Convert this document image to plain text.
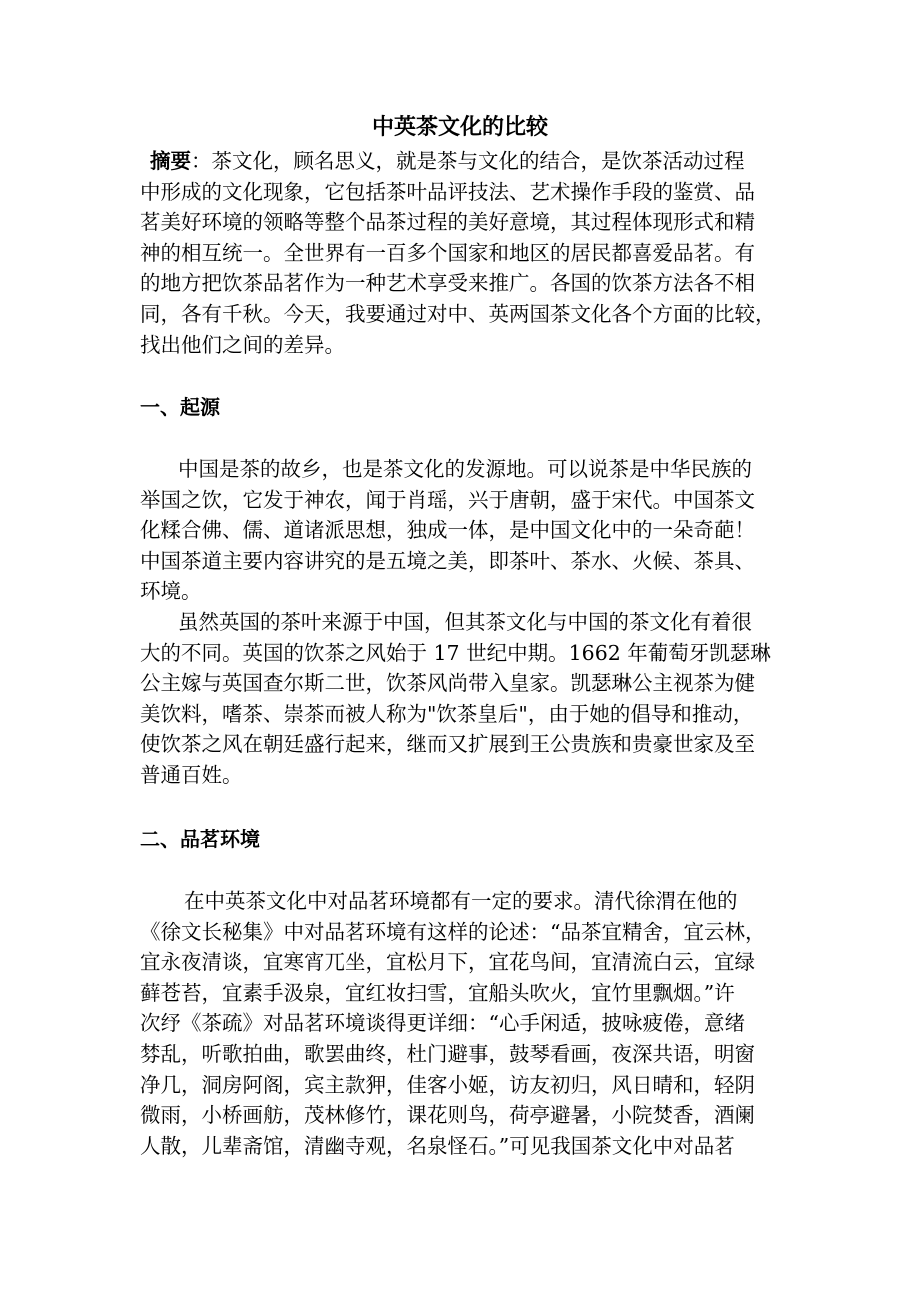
中英茶文化的比较
摘要：茶文化，顾名思义，就是茶与文化的结合，是饮茶活动过程
中形成的文化现象，它包括茶叶品评技法、艺术操作手段的鉴赏、品
茗美好环境的领略等整个品茶过程的美好意境，其过程体现形式和精
神的相互统一。全世界有一百多个国家和地区的居民都喜爱品茗。有
的地方把饮茶品茗作为一种艺术享受来推广。各国的饮茶方法各不相
同，各有千秋。今天，我要通过对中、英两国茶文化各个方面的比较，
找出他们之间的差异。
一、起源
中国是茶的故乡，也是茶文化的发源地。可以说茶是中华民族的
举国之饮，它发于神农，闻于肖瑶，兴于唐朝，盛于宋代。中国茶文
化糅合佛、儒、道诸派思想，独成一体，是中国文化中的一朵奇葩！
中国茶道主要内容讲究的是五境之美，即茶叶、茶水、火候、茶具、
环境。
虽然英国的茶叶来源于中国，但其茶文化与中国的茶文化有着很
大的不同。英国的饮茶之风始于 17 世纪中期。1662 年葡萄牙凯瑟琳
公主嫁与英国查尔斯二世，饮茶风尚带入皇家。凯瑟琳公主视茶为健
美饮料，嗜茶、崇茶而被人称为"饮茶皇后"，由于她的倡导和推动，
使饮茶之风在朝廷盛行起来，继而又扩展到王公贵族和贵豪世家及至
普通百姓。
二、品茗环境
在中英茶文化中对品茗环境都有一定的要求。清代徐渭在他的
《徐文长秘集》中对品茗环境有这样的论述：“品茶宜精舍，宜云林，
宜永夜清谈，宜寒宵兀坐，宜松月下，宜花鸟间，宜清流白云，宜绿
藓苍苔，宜素手汲泉，宜红妆扫雪，宜船头吹火，宜竹里飘烟。”许
次纾《茶疏》对品茗环境谈得更详细：“心手闲适，披咏疲倦，意绪
棼乱，听歌拍曲，歌罢曲终，杜门避事，鼓琴看画，夜深共语，明窗
净几，洞房阿阁，宾主款狎，佳客小姬，访友初归，风日晴和，轻阴
微雨，小桥画舫，茂林修竹，课花则鸟，荷亭避暑，小院焚香，酒阑
人散，儿辈斋馆，清幽寺观，名泉怪石。”可见我国茶文化中对品茗
